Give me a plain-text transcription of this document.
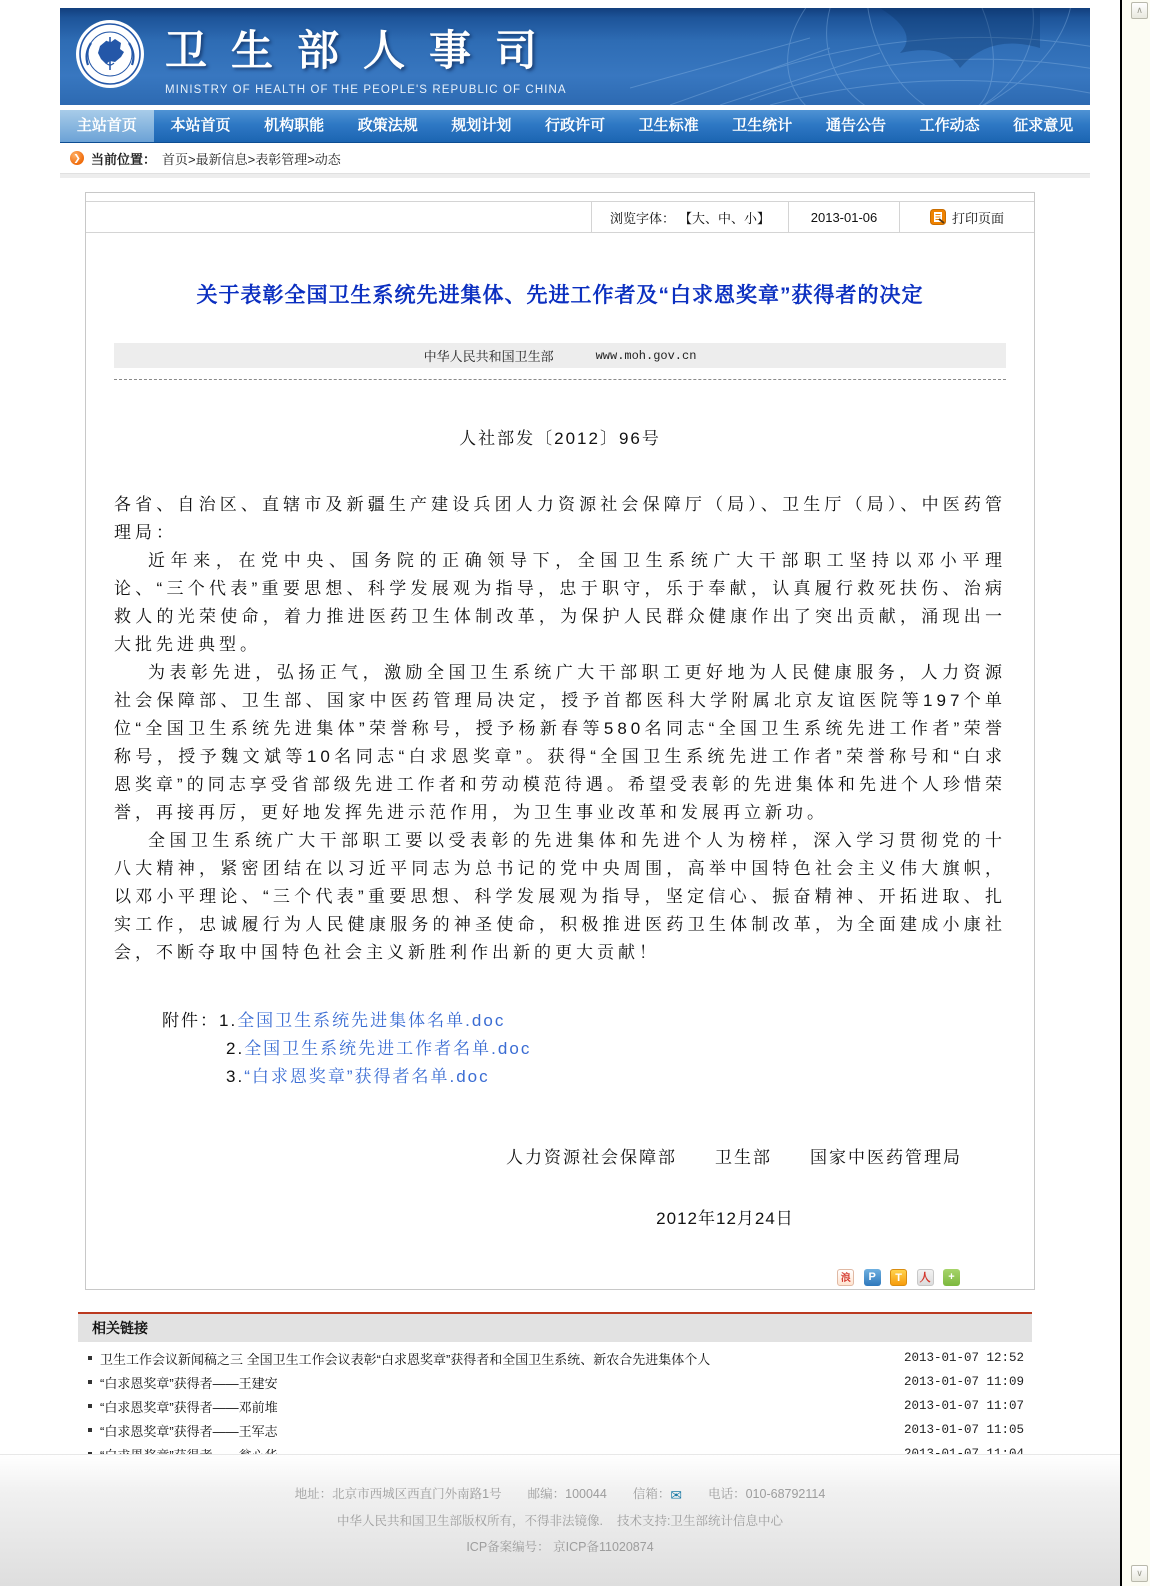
卫生部人事司
MINISTRY OF HEALTH OF THE PEOPLE'S REPUBLIC OF CHINA
主站首页	本站首页	机构职能	政策法规	规划计划	行政许可	卫生标准	卫生统计	通告公告	工作动态	征求意见
❯ 当前位置： 首页>最新信息>表彰管理>动态
浏览字体： 【大、中、小】	2013-01-06	打印页面
关于表彰全国卫生系统先进集体、先进工作者及“白求恩奖章”获得者的决定
中华人民共和国卫生部	www.moh.gov.cn
人社部发〔2012〕96号

各省、自治区、直辖市及新疆生产建设兵团人力资源社会保障厅（局）、卫生厅（局）、中医药管理局：

近年来，在党中央、国务院的正确领导下，全国卫生系统广大干部职工坚持以邓小平理论、“三个代表”重要思想、科学发展观为指导，忠于职守，乐于奉献，认真履行救死扶伤、治病救人的光荣使命，着力推进医药卫生体制改革，为保护人民群众健康作出了突出贡献，涌现出一大批先进典型。

为表彰先进，弘扬正气，激励全国卫生系统广大干部职工更好地为人民健康服务，人力资源社会保障部、卫生部、国家中医药管理局决定，授予首都医科大学附属北京友谊医院等197个单位“全国卫生系统先进集体”荣誉称号，授予杨新春等580名同志“全国卫生系统先进工作者”荣誉称号，授予魏文斌等10名同志“白求恩奖章”。获得“全国卫生系统先进工作者”荣誉称号和“白求恩奖章”的同志享受省部级先进工作者和劳动模范待遇。希望受表彰的先进集体和先进个人珍惜荣誉，再接再厉，更好地发挥先进示范作用，为卫生事业改革和发展再立新功。

全国卫生系统广大干部职工要以受表彰的先进集体和先进个人为榜样，深入学习贯彻党的十八大精神，紧密团结在以习近平同志为总书记的党中央周围，高举中国特色社会主义伟大旗帜，以邓小平理论、“三个代表”重要思想、科学发展观为指导，坚定信心、振奋精神、开拓进取、扎实工作，忠诚履行为人民健康服务的神圣使命，积极推进医药卫生体制改革，为全面建成小康社会，不断夺取中国特色社会主义新胜利作出新的更大贡献！

附件：1.全国卫生系统先进集体名单.doc
2.全国卫生系统先进工作者名单.doc
3.“白求恩奖章”获得者名单.doc
人力资源社会保障部　　卫生部　　国家中医药管理局
2012年12月24日
浪 P T 人 +
相关链接
卫生工作会议新闻稿之三 全国卫生工作会议表彰“白求恩奖章”获得者和全国卫生系统、新农合先进集体个人	2013-01-07 12:52
“白求恩奖章”获得者——王建安	2013-01-07 11:09
“白求恩奖章”获得者——邓前堆	2013-01-07 11:07
“白求恩奖章”获得者——王军志	2013-01-07 11:05
地址：北京市西城区西直门外南路1号 邮编：100044 信箱：✉ 电话：010-68792114
中华人民共和国卫生部版权所有，不得非法镜像. 技术支持:卫生部统计信息中心
ICP备案编号： 京ICP备11020874
∧
∨
